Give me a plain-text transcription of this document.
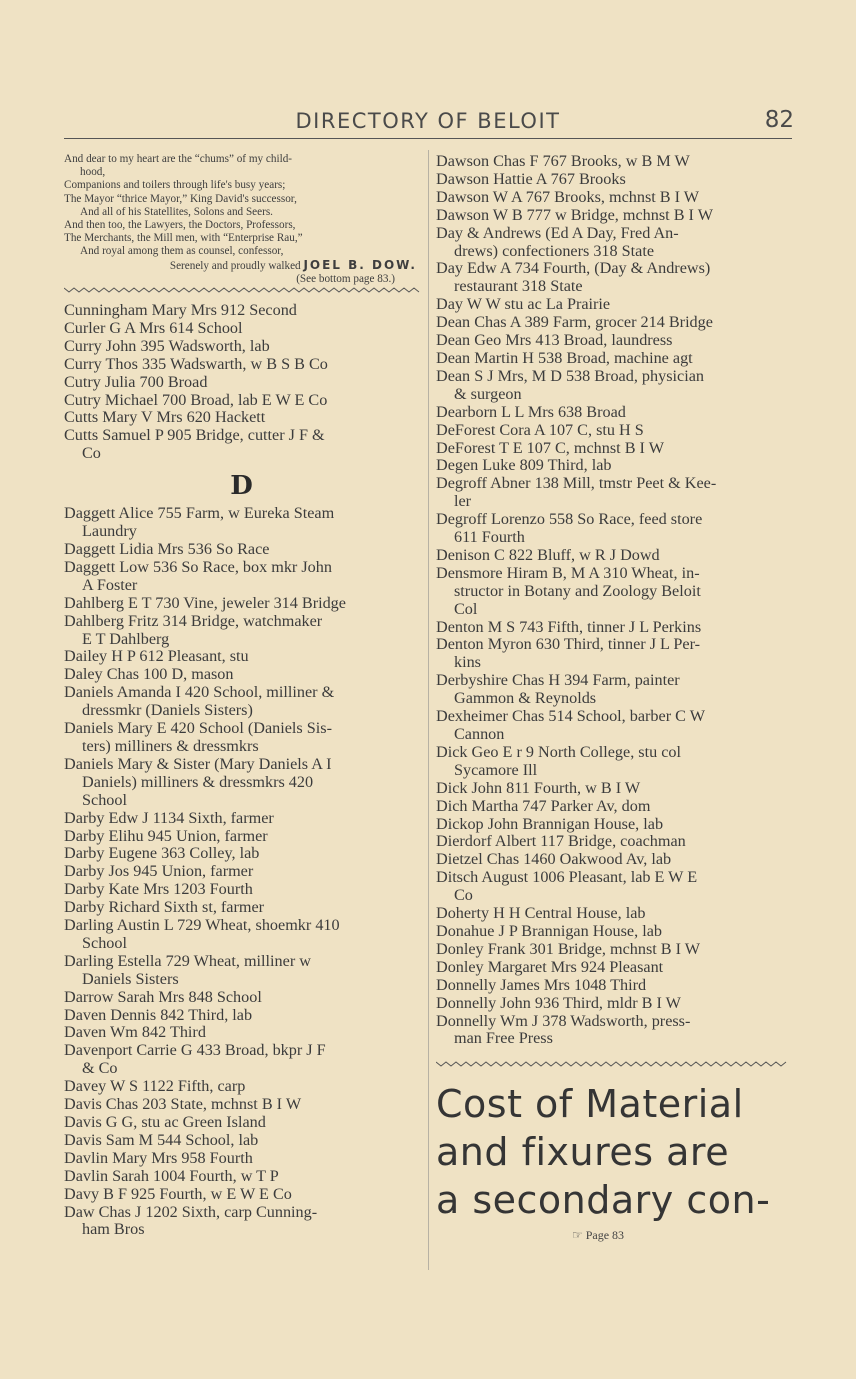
DIRECTORY OF BELOIT	82
And dear to my heart are the “chums” of my child-
hood,
Companions and toilers through life's busy years;
The Mayor “thrice Mayor,” King David's successor,
And all of his Statellites, Solons and Seers.
And then too, the Lawyers, the Doctors, Professors,
The Merchants, the Mill men, with “Enterprise Rau,”
And royal among them as counsel, confessor,
Serenely and proudly walked JOEL B. DOW.
(See bottom page 83.)
Cunningham Mary Mrs 912 Second
Curler G A Mrs 614 School
Curry John 395 Wadsworth, lab
Curry Thos 335 Wadswarth, w B S B Co
Cutry Julia 700 Broad
Cutry Michael 700 Broad, lab E W E Co
Cutts Mary V Mrs 620 Hackett
Cutts Samuel P 905 Bridge, cutter J F &
Co
D
Daggett Alice 755 Farm, w Eureka Steam
Laundry
Daggett Lidia Mrs 536 So Race
Daggett Low 536 So Race, box mkr John
A Foster
Dahlberg E T 730 Vine, jeweler 314 Bridge
Dahlberg Fritz 314 Bridge, watchmaker
E T Dahlberg
Dailey H P 612 Pleasant, stu
Daley Chas 100 D, mason
Daniels Amanda I 420 School, milliner &
dressmkr (Daniels Sisters)
Daniels Mary E 420 School (Daniels Sis-
ters) milliners & dressmkrs
Daniels Mary & Sister (Mary Daniels A I
Daniels) milliners & dressmkrs 420
School
Darby Edw J 1134 Sixth, farmer
Darby Elihu 945 Union, farmer
Darby Eugene 363 Colley, lab
Darby Jos 945 Union, farmer
Darby Kate Mrs 1203 Fourth
Darby Richard Sixth st, farmer
Darling Austin L 729 Wheat, shoemkr 410
School
Darling Estella 729 Wheat, milliner w
Daniels Sisters
Darrow Sarah Mrs 848 School
Daven Dennis 842 Third, lab
Daven Wm 842 Third
Davenport Carrie G 433 Broad, bkpr J F
& Co
Davey W S 1122 Fifth, carp
Davis Chas 203 State, mchnst B I W
Davis G G, stu ac Green Island
Davis Sam M 544 School, lab
Davlin Mary Mrs 958 Fourth
Davlin Sarah 1004 Fourth, w T P
Davy B F 925 Fourth, w E W E Co
Daw Chas J 1202 Sixth, carp Cunning-
ham Bros
Dawson Chas F 767 Brooks, w B M W
Dawson Hattie A 767 Brooks
Dawson W A 767 Brooks, mchnst B I W
Dawson W B 777 w Bridge, mchnst B I W
Day & Andrews (Ed A Day, Fred An-
drews) confectioners 318 State
Day Edw A 734 Fourth, (Day & Andrews)
restaurant 318 State
Day W W stu ac La Prairie
Dean Chas A 389 Farm, grocer 214 Bridge
Dean Geo Mrs 413 Broad, laundress
Dean Martin H 538 Broad, machine agt
Dean S J Mrs, M D 538 Broad, physician
& surgeon
Dearborn L L Mrs 638 Broad
DeForest Cora A 107 C, stu H S
DeForest T E 107 C, mchnst B I W
Degen Luke 809 Third, lab
Degroff Abner 138 Mill, tmstr Peet & Kee-
ler
Degroff Lorenzo 558 So Race, feed store
611 Fourth
Denison C 822 Bluff, w R J Dowd
Densmore Hiram B, M A 310 Wheat, in-
structor in Botany and Zoology Beloit
Col
Denton M S 743 Fifth, tinner J L Perkins
Denton Myron 630 Third, tinner J L Per-
kins
Derbyshire Chas H 394 Farm, painter
Gammon & Reynolds
Dexheimer Chas 514 School, barber C W
Cannon
Dick Geo E r 9 North College, stu col
Sycamore Ill
Dick John 811 Fourth, w B I W
Dich Martha 747 Parker Av, dom
Dickop John Brannigan House, lab
Dierdorf Albert 117 Bridge, coachman
Dietzel Chas 1460 Oakwood Av, lab
Ditsch August 1006 Pleasant, lab E W E
Co
Doherty H H Central House, lab
Donahue J P Brannigan House, lab
Donley Frank 301 Bridge, mchnst B I W
Donley Margaret Mrs 924 Pleasant
Donnelly James Mrs 1048 Third
Donnelly John 936 Third, mldr B I W
Donnelly Wm J 378 Wadsworth, press-
man Free Press
Cost of Material
and fixures are
a secondary con-
☞ Page 83
